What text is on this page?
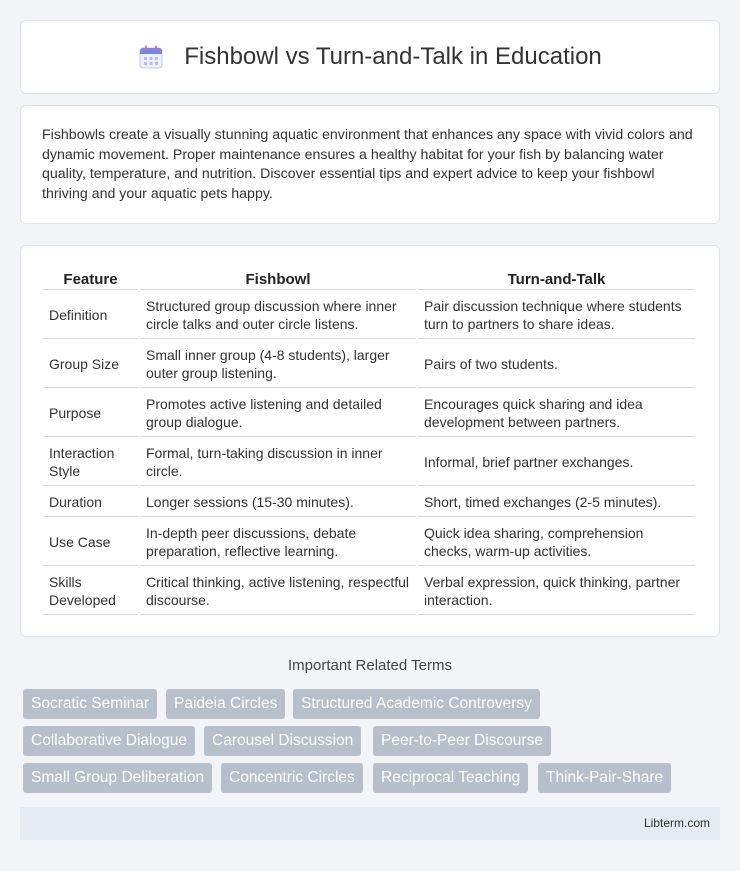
Fishbowl vs Turn-and-Talk in Education

Fishbowls create a visually stunning aquatic environment that enhances any space with vivid colors and dynamic movement. Proper maintenance ensures a healthy habitat for your fish by balancing water quality, temperature, and nutrition. Discover essential tips and expert advice to keep your fishbowl thriving and your aquatic pets happy.

Feature	Fishbowl	Turn-and-Talk
Definition	Structured group discussion where inner circle talks and outer circle listens.	Pair discussion technique where students turn to partners to share ideas.
Group Size	Small inner group (4-8 students), larger outer group listening.	Pairs of two students.
Purpose	Promotes active listening and detailed group dialogue.	Encourages quick sharing and idea development between partners.
Interaction Style	Formal, turn-taking discussion in inner circle.	Informal, brief partner exchanges.
Duration	Longer sessions (15-30 minutes).	Short, timed exchanges (2-5 minutes).
Use Case	In-depth peer discussions, debate preparation, reflective learning.	Quick idea sharing, comprehension checks, warm-up activities.
Skills Developed	Critical thinking, active listening, respectful discourse.	Verbal expression, quick thinking, partner interaction.
Important Related Terms
Socratic Seminar	Paideia Circles	Structured Academic Controversy
Collaborative Dialogue	Carousel Discussion	Peer-to-Peer Discourse
Small Group Deliberation	Concentric Circles	Reciprocal Teaching	Think-Pair-Share
Libterm.com
